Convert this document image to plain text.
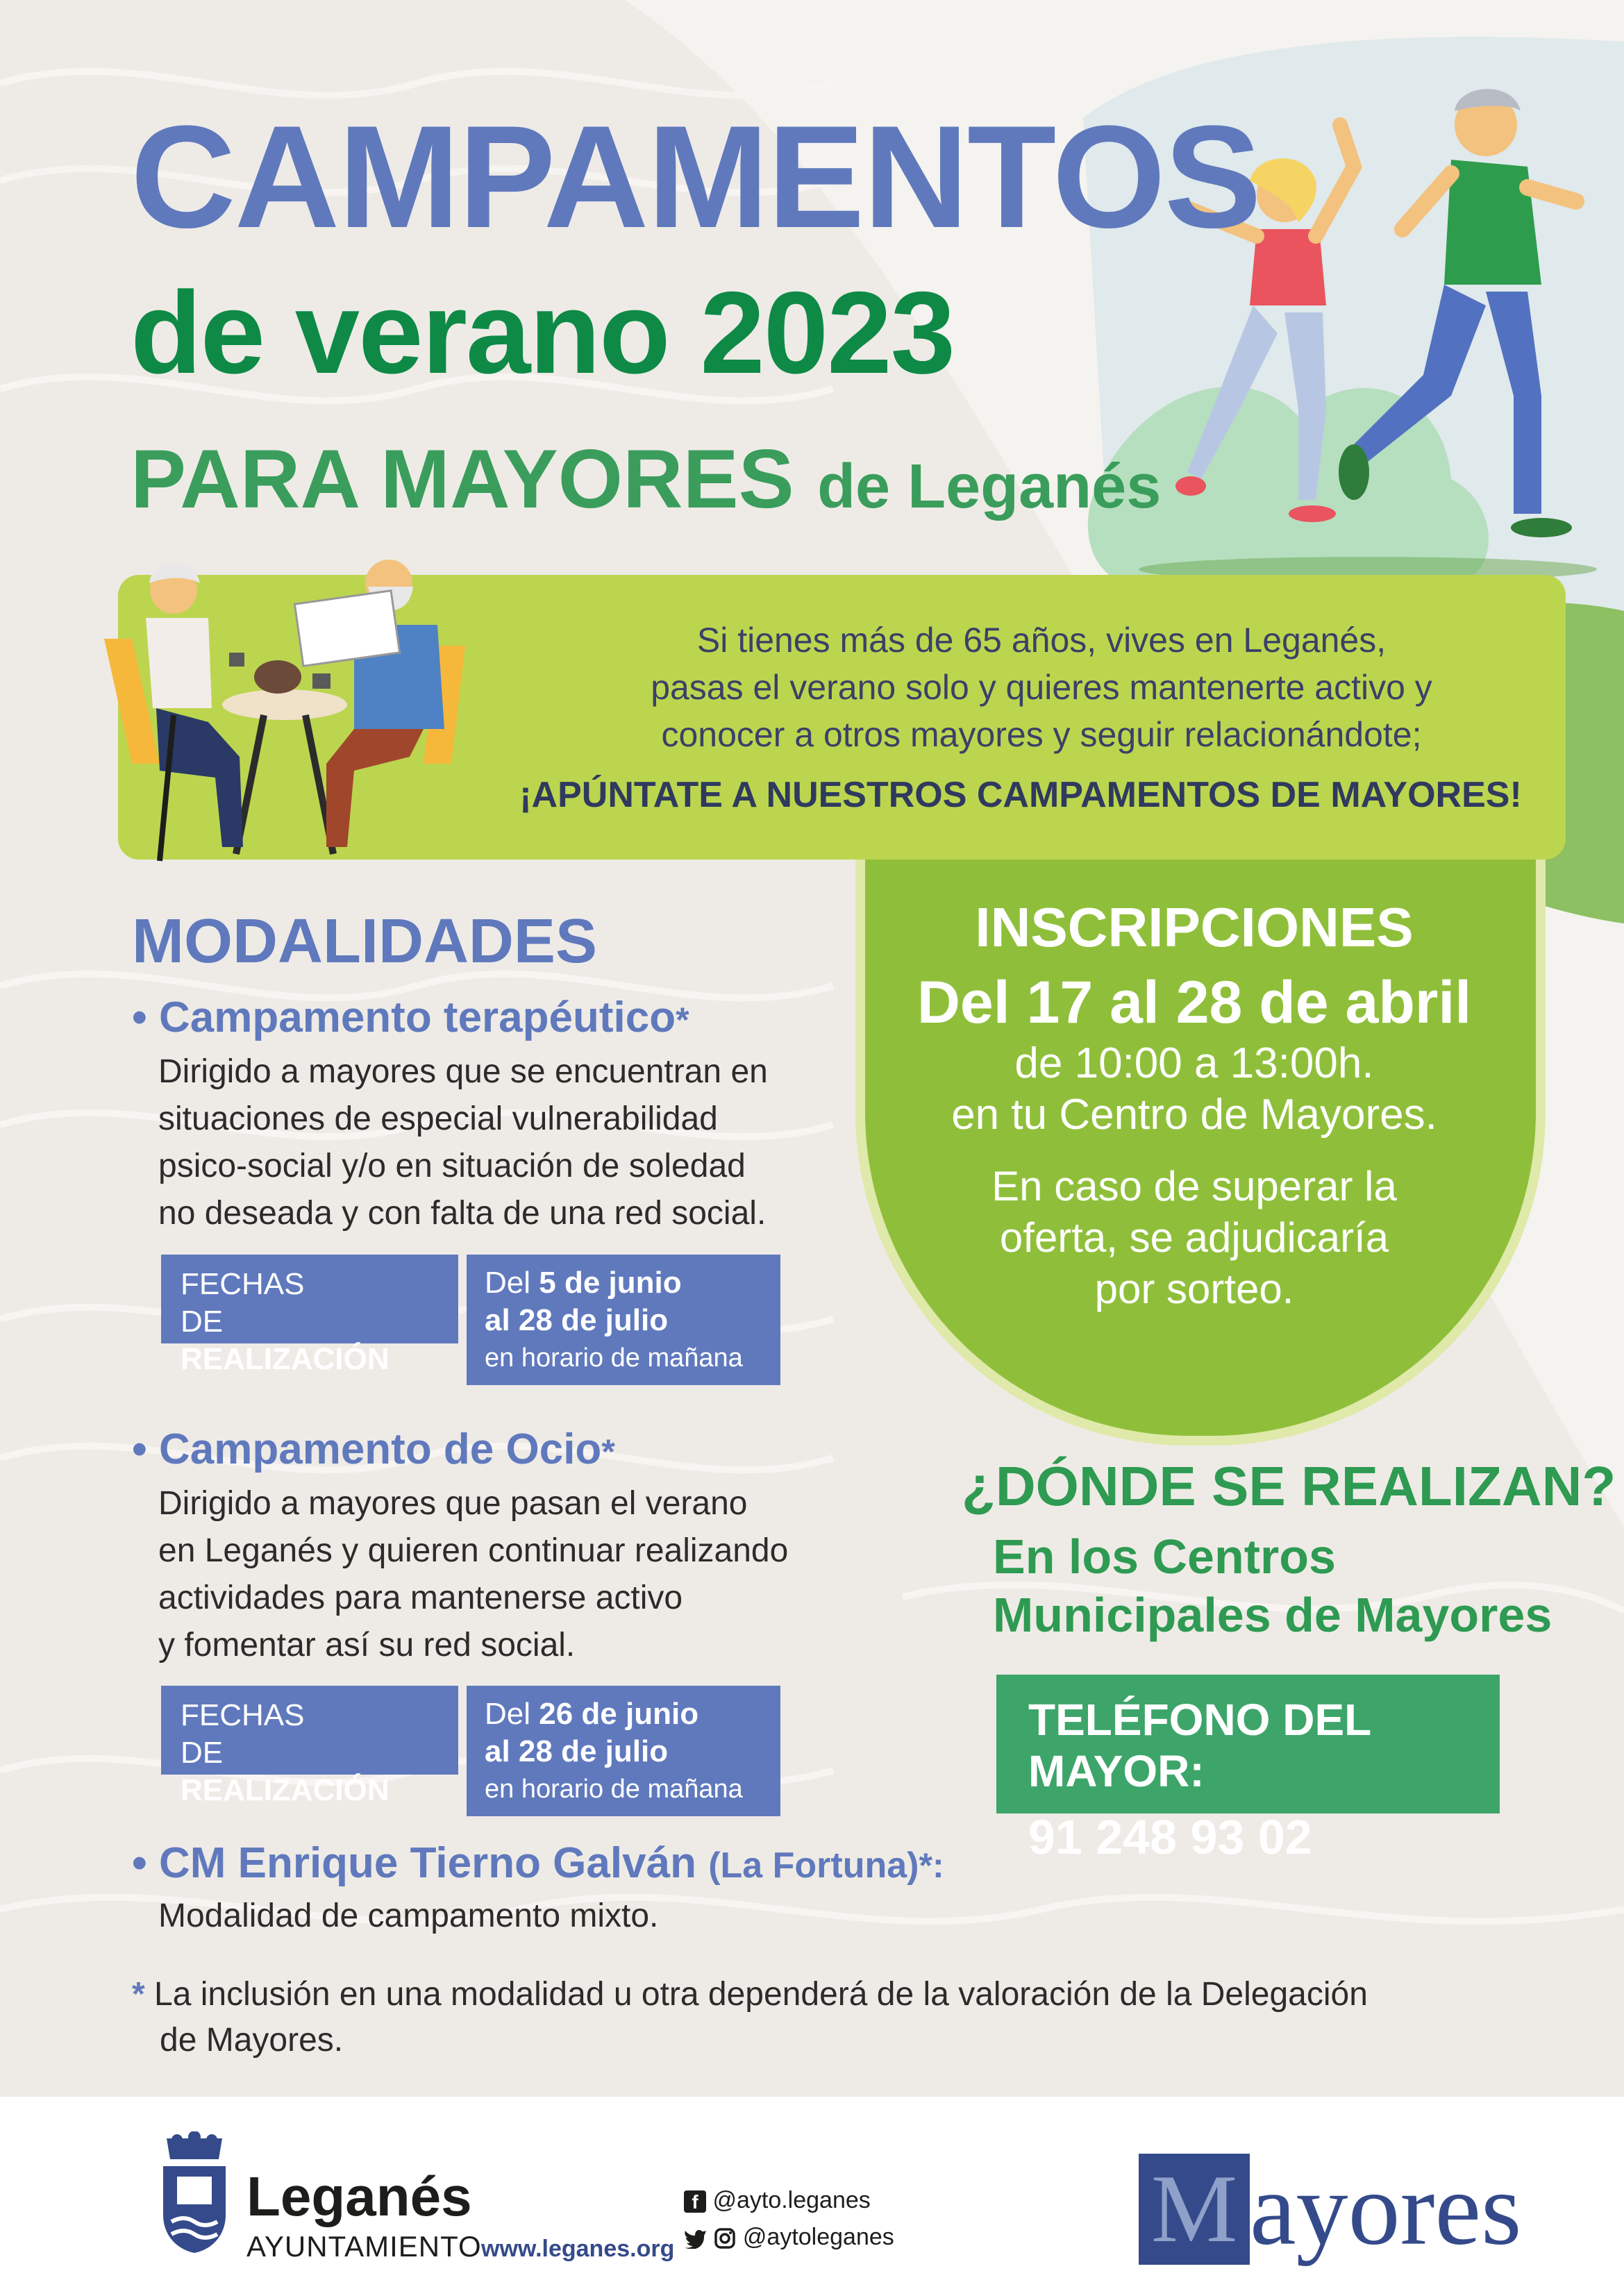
CAMPAMENTOS
de verano 2023
PARA MAYORES de Leganés
Si tienes más de 65 años, vives en Leganés,
pasas el verano solo y quieres mantenerte activo y
conocer a otros mayores y seguir relacionándote;
¡APÚNTATE A NUESTROS CAMPAMENTOS DE MAYORES!
INSCRIPCIONES
Del 17 al 28 de abril
de 10:00 a 13:00h.
en tu Centro de Mayores.
En caso de superar la
oferta, se adjudicaría
por sorteo.
MODALIDADES
• Campamento terapéutico*
Dirigido a mayores que se encuentran en
situaciones de especial vulnerabilidad
psico-social y/o en situación de soledad
no deseada y con falta de una red social.
FECHAS
DE REALIZACIÓN
Del 5 de junio
al 28 de julio
en horario de mañana
• Campamento de Ocio*
Dirigido a mayores que pasan el verano
en Leganés y quieren continuar realizando
actividades para mantenerse activo
y fomentar así su red social.
FECHAS
DE REALIZACIÓN
Del 26 de junio
al 28 de julio
en horario de mañana
• CM Enrique Tierno Galván (La Fortuna)*:
Modalidad de campamento mixto.
¿DÓNDE SE REALIZAN?
En los Centros
Municipales de Mayores
TELÉFONO DEL MAYOR:
91 248 93 02
* La inclusión en una modalidad u otra dependerá de la valoración de la Delegación
de Mayores.
Leganés
AYUNTAMIENTO www.leganes.org
f @ayto.leganes
@aytoleganes	M ayores
